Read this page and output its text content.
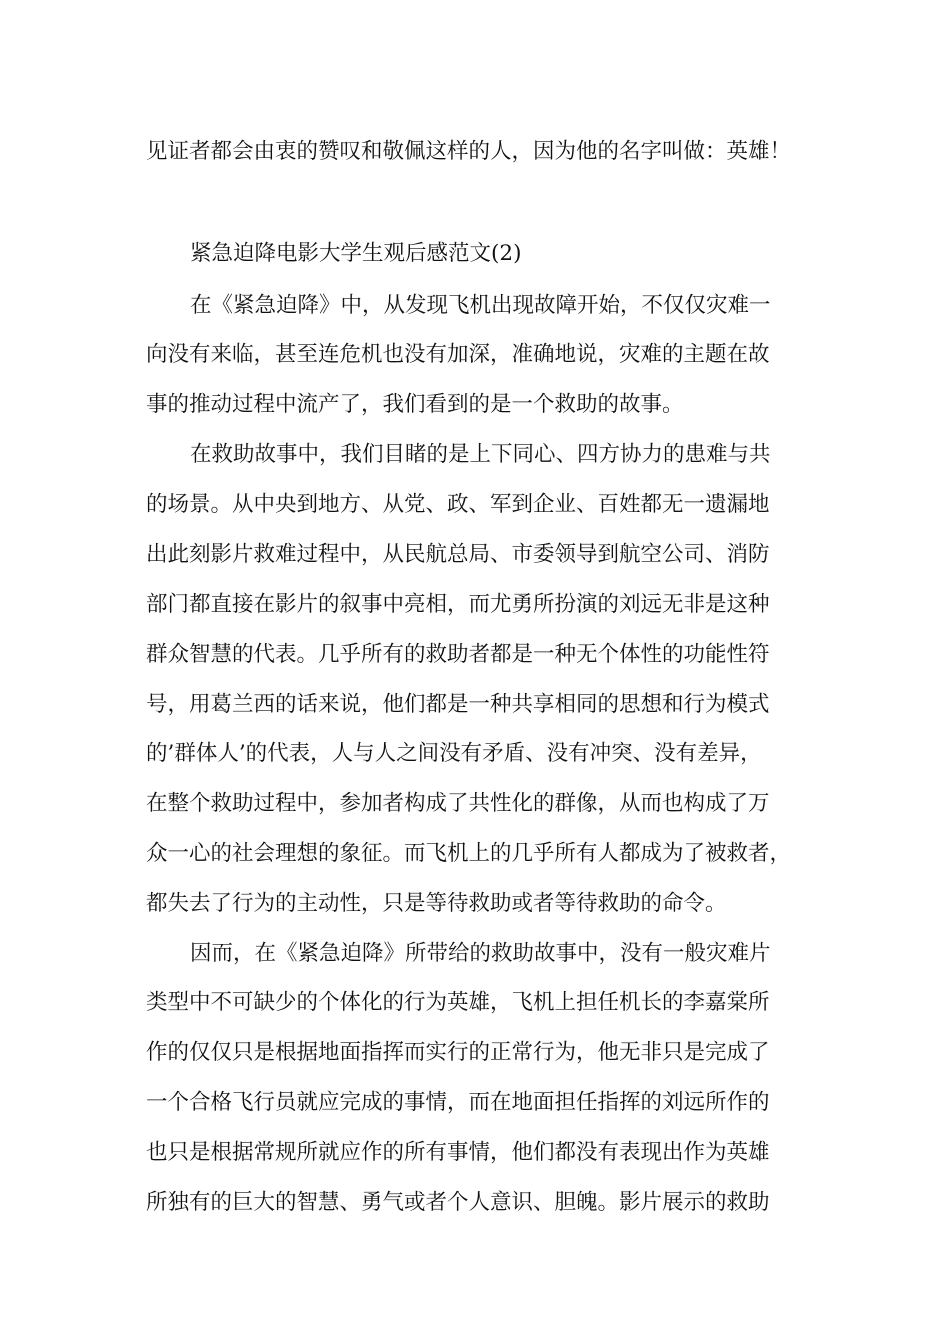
见证者都会由衷的赞叹和敬佩这样的人，因为他的名字叫做：英雄！
紧急迫降电影大学生观后感范文(2)
在《紧急迫降》中，从发现飞机出现故障开始，不仅仅灾难一
向没有来临，甚至连危机也没有加深，准确地说，灾难的主题在故
事的推动过程中流产了，我们看到的是一个救助的故事。
在救助故事中，我们目睹的是上下同心、四方协力的患难与共
的场景。从中央到地方、从党、政、军到企业、百姓都无一遗漏地
出此刻影片救难过程中，从民航总局、市委领导到航空公司、消防
部门都直接在影片的叙事中亮相，而尤勇所扮演的刘远无非是这种
群众智慧的代表。几乎所有的救助者都是一种无个体性的功能性符
号，用葛兰西的话来说，他们都是一种共享相同的思想和行为模式
的’群体人’的代表，人与人之间没有矛盾、没有冲突、没有差异，
在整个救助过程中，参加者构成了共性化的群像，从而也构成了万
众一心的社会理想的象征。而飞机上的几乎所有人都成为了被救者，
都失去了行为的主动性，只是等待救助或者等待救助的命令。
因而，在《紧急迫降》所带给的救助故事中，没有一般灾难片
类型中不可缺少的个体化的行为英雄，飞机上担任机长的李嘉棠所
作的仅仅只是根据地面指挥而实行的正常行为，他无非只是完成了
一个合格飞行员就应完成的事情，而在地面担任指挥的刘远所作的
也只是根据常规所就应作的所有事情，他们都没有表现出作为英雄
所独有的巨大的智慧、勇气或者个人意识、胆魄。影片展示的救助
